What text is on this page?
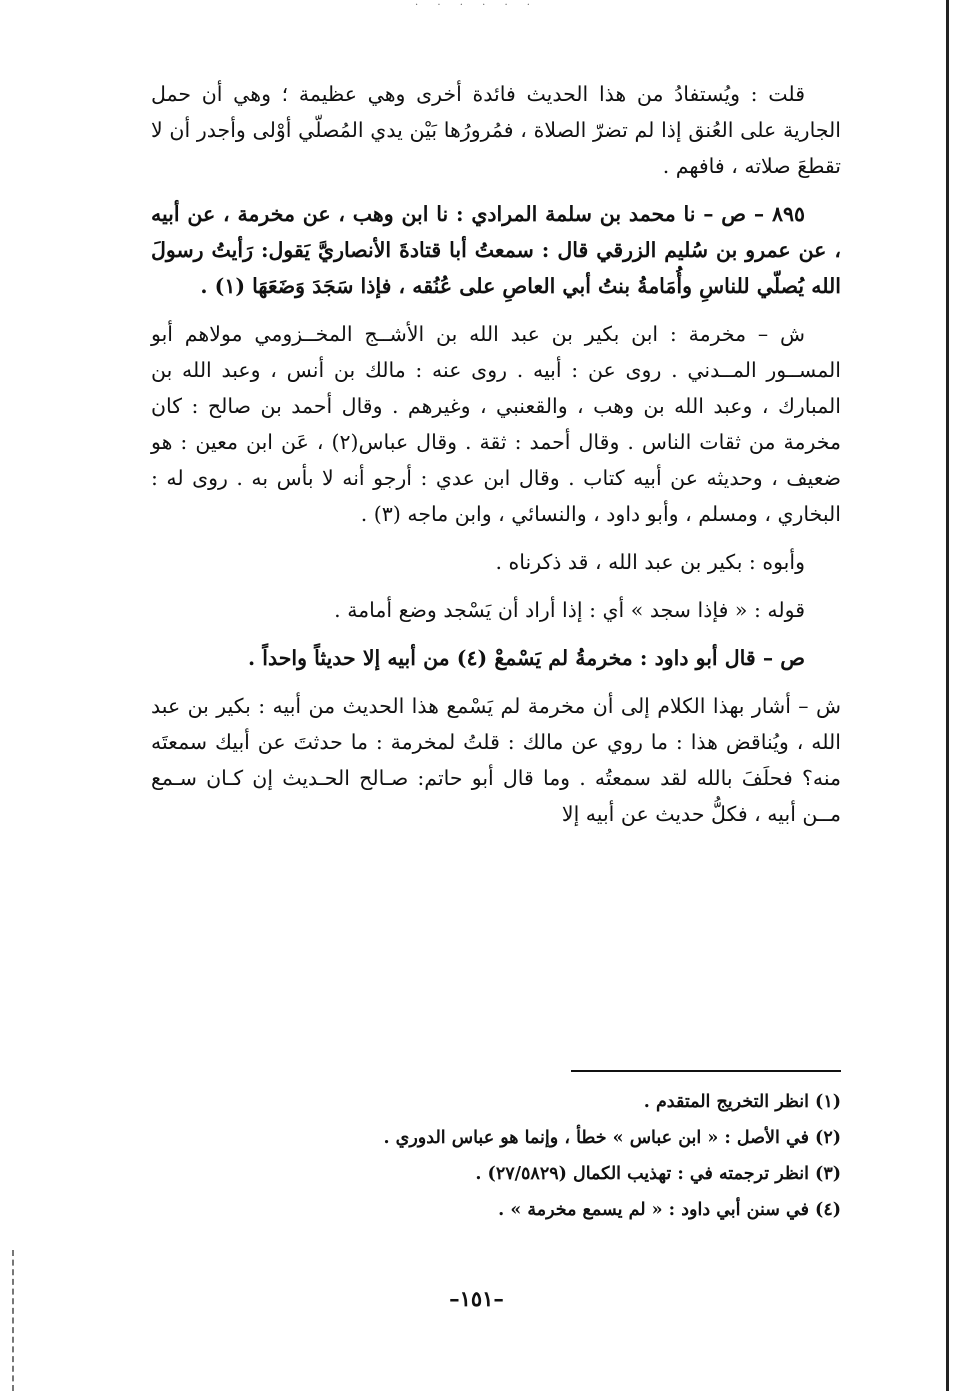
. . . . . .

قلت : ويُستفادُ من هذا الحديث فائدة أخرى وهي عظيمة ؛ وهي أن حمل الجارية على العُنق إذا لم تضرّ الصلاة ، فمُرورُها بَيْن يدي المُصلّي أوْلى وأجدر أن لا تقطعَ صلاته ، فافهم .

٨٩٥ – ص – نا محمد بن سلمة المرادي : نا ابن وهب ، عن مخرمة ، عن أبيه ، عن عمرو بن سُليم الزرقي قال : سمعتُ أبا قتادةَ الأنصاريَّ يَقول: رَأيتُ رسولَ الله يُصلّي للناسِ وأُمَامةُ بنتُ أبي العاصِ على عُنُقه ، فإذا سَجَدَ وَضَعَهَا (١) .

ش – مخرمة : ابن بكير بن عبد الله بن الأشــج المخــزومي مولاهم أبو المســور المــدني . روى عن : أبيه . روى عنه : مالك بن أنس ، وعبد الله بن المبارك ، وعبد الله بن وهب ، والقعنبي ، وغيرهم . وقال أحمد بن صالح : كان مخرمة من ثقات الناس . وقال أحمد : ثقة . وقال عباس(٢) ، عَن ابن معين : هو ضعيف ، وحديثه عن أبيه كتاب . وقال ابن عدي : أرجو أنه لا بأس به . روى له : البخاري ، ومسلم ، وأبو داود ، والنسائي ، وابن ماجه (٣) .

وأبوه : بكير بن عبد الله ، قد ذكرناه .

قوله : « فإذا سجد » أي : إذا أراد أن يَسْجد وضع أمامة .

ص – قال أبو داود : مخرمةُ لم يَسْمعْ (٤) من أبيه إلا حديثاً واحداً .

ش – أشار بهذا الكلام إلى أن مخرمة لم يَسْمع هذا الحديث من أبيه : بكير بن عبد الله ، ويُناقض هذا : ما روي عن مالك : قلتُ لمخرمة : ما حدثتَ عن أبيك سمعتَه منه؟ فحلَفَ بالله لقد سمعتُه . وما قال أبو حاتم: صـالح الحـديث إن كـان سـمع مــن أبيه ، فكلُّ حديث عن أبيه إلا

(١) انظر التخريج المتقدم .

(٢) في الأصل : « ابن عباس » خطأ ، وإنما هو عباس الدوري .

(٣) انظر ترجمته في : تهذيب الكمال (٢٧/٥٨٢٩) .

(٤) في سنن أبي داود : « لم يسمع مخرمة » .

–١٥١–
